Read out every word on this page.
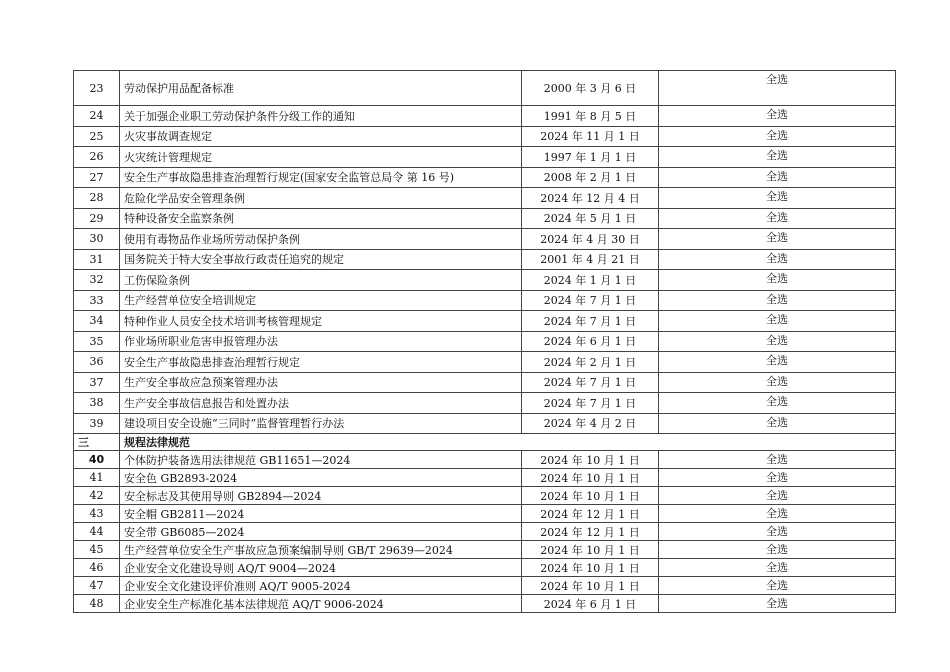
23	劳动保护用品配备标准	2000 年 3 月 6 日	全选
24	关于加强企业职工劳动保护条件分级工作的通知	1991 年 8 月 5 日	全选
25	火灾事故调查规定	2024 年 11 月 1 日	全选
26	火灾统计管理规定	1997 年 1 月 1 日	全选
27	安全生产事故隐患排查治理暂行规定(国家安全监管总局令 第 16 号)	2008 年 2 月 1 日	全选
28	危险化学品安全管理条例	2024 年 12 月 4 日	全选
29	特种设备安全监察条例	2024 年 5 月 1 日	全选
30	使用有毒物品作业场所劳动保护条例	2024 年 4 月 30 日	全选
31	国务院关于特大安全事故行政责任追究的规定	2001 年 4 月 21 日	全选
32	工伤保险条例	2024 年 1 月 1 日	全选
33	生产经营单位安全培训规定	2024 年 7 月 1 日	全选
34	特种作业人员安全技术培训考核管理规定	2024 年 7 月 1 日	全选
35	作业场所职业危害申报管理办法	2024 年 6 月 1 日	全选
36	安全生产事故隐患排查治理暂行规定	2024 年 2 月 1 日	全选
37	生产安全事故应急预案管理办法	2024 年 7 月 1 日	全选
38	生产安全事故信息报告和处置办法	2024 年 7 月 1 日	全选
39	建设项目安全设施“三同时”监督管理暂行办法	2024 年 4 月 2 日	全选
三	规程法律规范		
40	个体防护装备选用法律规范 GB11651—2024	2024 年 10 月 1 日	全选
41	安全色 GB2893-2024	2024 年 10 月 1 日	全选
42	安全标志及其使用导则 GB2894—2024	2024 年 10 月 1 日	全选
43	安全帽 GB2811—2024	2024 年 12 月 1 日	全选
44	安全带 GB6085—2024	2024 年 12 月 1 日	全选
45	生产经营单位安全生产事故应急预案编制导则 GB/T 29639—2024	2024 年 10 月 1 日	全选
46	企业安全文化建设导则 AQ/T 9004—2024	2024 年 10 月 1 日	全选
47	企业安全文化建设评价准则 AQ/T 9005-2024	2024 年 10 月 1 日	全选
48	企业安全生产标准化基本法律规范 AQ/T 9006-2024	2024 年 6 月 1 日	全选
